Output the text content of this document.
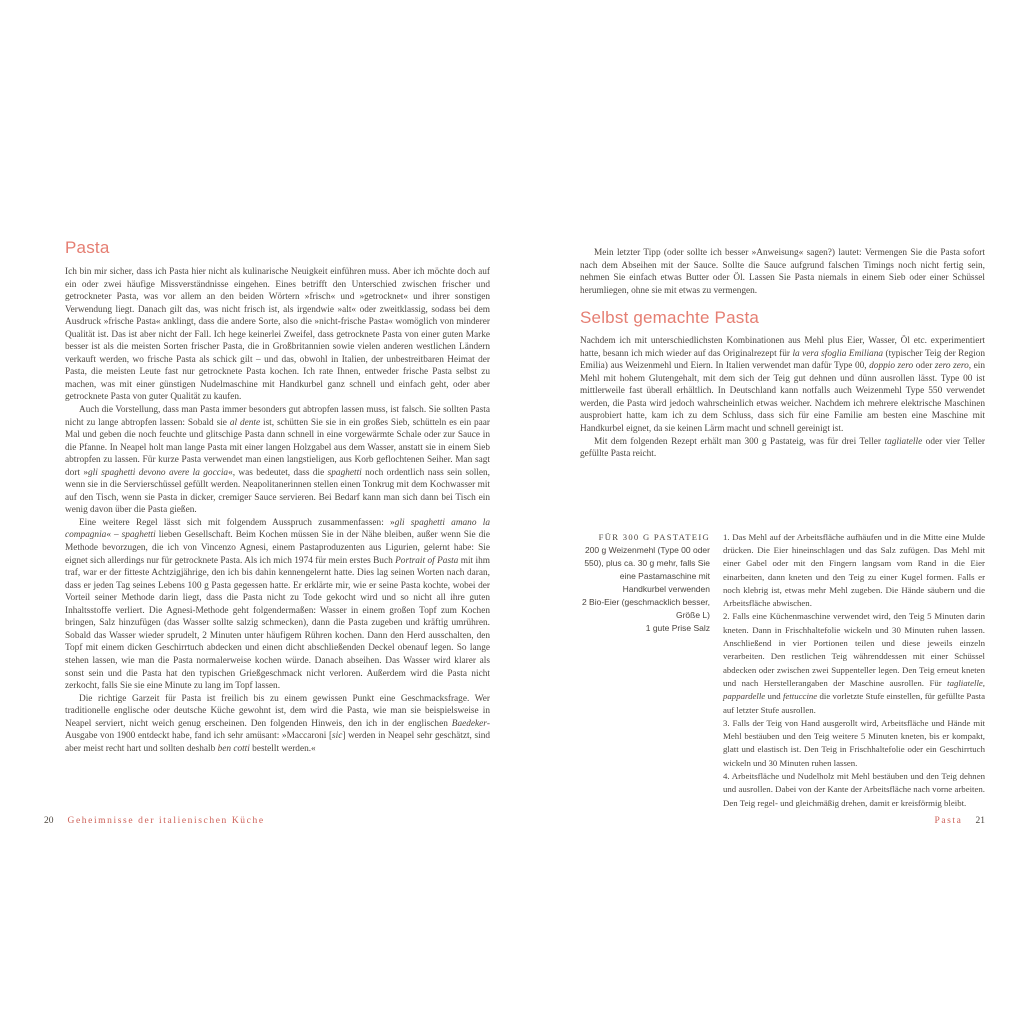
Pasta

Ich bin mir sicher, dass ich Pasta hier nicht als kulinarische Neuigkeit einführen muss. Aber ich möchte doch auf ein oder zwei häufige Missverständnisse eingehen. Eines betrifft den Unterschied zwischen frischer und getrockneter Pasta, was vor allem an den beiden Wörtern »frisch« und »getrocknet« und ihrer sonstigen Verwendung liegt. Danach gilt das, was nicht frisch ist, als irgendwie »alt« oder zweitklassig, sodass bei dem Ausdruck »frische Pasta« anklingt, dass die andere Sorte, also die »nicht-frische Pasta« womöglich von minderer Qualität ist. Das ist aber nicht der Fall. Ich hege keinerlei Zweifel, dass getrocknete Pasta von einer guten Marke besser ist als die meisten Sorten frischer Pasta, die in Großbritannien sowie vielen anderen westlichen Ländern verkauft werden, wo frische Pasta als schick gilt – und das, obwohl in Italien, der unbestreitbaren Heimat der Pasta, die meisten Leute fast nur getrocknete Pasta kochen. Ich rate Ihnen, entweder frische Pasta selbst zu machen, was mit einer günstigen Nudelmaschine mit Handkurbel ganz schnell und einfach geht, oder aber getrocknete Pasta von guter Qualität zu kaufen.

Auch die Vorstellung, dass man Pasta immer besonders gut abtropfen lassen muss, ist falsch. Sie sollten Pasta nicht zu lange abtropfen lassen: Sobald sie al dente ist, schütten Sie sie in ein großes Sieb, schütteln es ein paar Mal und geben die noch feuchte und glitschige Pasta dann schnell in eine vorgewärmte Schale oder zur Sauce in die Pfanne. In Neapel holt man lange Pasta mit einer langen Holzgabel aus dem Wasser, anstatt sie in einem Sieb abtropfen zu lassen. Für kurze Pasta verwendet man einen langstieligen, aus Korb geflochtenen Seiher. Man sagt dort »gli spaghetti devono avere la goccia«, was bedeutet, dass die spaghetti noch ordentlich nass sein sollen, wenn sie in die Servierschüssel gefüllt werden. Neapolitanerinnen stellen einen Tonkrug mit dem Kochwasser mit auf den Tisch, wenn sie Pasta in dicker, cremiger Sauce servieren. Bei Bedarf kann man sich dann bei Tisch ein wenig davon über die Pasta gießen.

Eine weitere Regel lässt sich mit folgendem Ausspruch zusammenfassen: »gli spaghetti amano la compagnia« – spaghetti lieben Gesellschaft. Beim Kochen müssen Sie in der Nähe bleiben, außer wenn Sie die Methode bevorzugen, die ich von Vincenzo Agnesi, einem Pastaproduzenten aus Ligurien, gelernt habe: Sie eignet sich allerdings nur für getrocknete Pasta. Als ich mich 1974 für mein erstes Buch Portrait of Pasta mit ihm traf, war er der fitteste Achtzigjährige, den ich bis dahin kennengelernt hatte. Dies lag seinen Worten nach daran, dass er jeden Tag seines Lebens 100 g Pasta gegessen hatte. Er erklärte mir, wie er seine Pasta kochte, wobei der Vorteil seiner Methode darin liegt, dass die Pasta nicht zu Tode gekocht wird und so nicht all ihre guten Inhaltsstoffe verliert. Die Agnesi-Methode geht folgendermaßen: Wasser in einem großen Topf zum Kochen bringen, Salz hinzufügen (das Wasser sollte salzig schmecken), dann die Pasta zugeben und kräftig umrühren. Sobald das Wasser wieder sprudelt, 2 Minuten unter häufigem Rühren kochen. Dann den Herd ausschalten, den Topf mit einem dicken Geschirrtuch abdecken und einen dicht abschließenden Deckel obenauf legen. So lange stehen lassen, wie man die Pasta normalerweise kochen würde. Danach abseihen. Das Wasser wird klarer als sonst sein und die Pasta hat den typischen Grießgeschmack nicht verloren. Außerdem wird die Pasta nicht zerkocht, falls Sie sie eine Minute zu lang im Topf lassen.

Die richtige Garzeit für Pasta ist freilich bis zu einem gewissen Punkt eine Geschmacksfrage. Wer traditionelle englische oder deutsche Küche gewohnt ist, dem wird die Pasta, wie man sie beispielsweise in Neapel serviert, nicht weich genug erscheinen. Den folgenden Hinweis, den ich in der englischen Baedeker-Ausgabe von 1900 entdeckt habe, fand ich sehr amüsant: »Maccaroni [sic] werden in Neapel sehr geschätzt, sind aber meist recht hart und sollten deshalb ben cotti bestellt werden.«

Mein letzter Tipp (oder sollte ich besser »Anweisung« sagen?) lautet: Vermengen Sie die Pasta sofort nach dem Abseihen mit der Sauce. Sollte die Sauce aufgrund falschen Timings noch nicht fertig sein, nehmen Sie einfach etwas Butter oder Öl. Lassen Sie Pasta niemals in einem Sieb oder einer Schüssel herumliegen, ohne sie mit etwas zu vermengen.

Selbst gemachte Pasta

Nachdem ich mit unterschiedlichsten Kombinationen aus Mehl plus Eier, Wasser, Öl etc. experimentiert hatte, besann ich mich wieder auf das Originalrezept für la vera sfoglia Emiliana (typischer Teig der Region Emilia) aus Weizenmehl und Eiern. In Italien verwendet man dafür Type 00, doppio zero oder zero zero, ein Mehl mit hohem Glutengehalt, mit dem sich der Teig gut dehnen und dünn ausrollen lässt. Type 00 ist mittlerweile fast überall erhältlich. In Deutschland kann notfalls auch Weizenmehl Type 550 verwendet werden, die Pasta wird jedoch wahrscheinlich etwas weicher. Nachdem ich mehrere elektrische Maschinen ausprobiert hatte, kam ich zu dem Schluss, dass sich für eine Familie am besten eine Maschine mit Handkurbel eignet, da sie keinen Lärm macht und schnell gereinigt ist.

Mit dem folgenden Rezept erhält man 300 g Pastateig, was für drei Teller tagliatelle oder vier Teller gefüllte Pasta reicht.

FÜR 300 G PASTATEIG

200 g Weizenmehl (Type 00 oder 550), plus ca. 30 g mehr, falls Sie eine Pastamaschine mit Handkurbel verwenden

2 Bio-Eier (geschmacklich besser, Größe L)

1 gute Prise Salz

1. Das Mehl auf der Arbeitsfläche aufhäufen und in die Mitte eine Mulde drücken. Die Eier hineinschlagen und das Salz zufügen. Das Mehl mit einer Gabel oder mit den Fingern langsam vom Rand in die Eier einarbeiten, dann kneten und den Teig zu einer Kugel formen. Falls er noch klebrig ist, etwas mehr Mehl zugeben. Die Hände säubern und die Arbeitsfläche abwischen.

2. Falls eine Küchenmaschine verwendet wird, den Teig 5 Minuten darin kneten. Dann in Frischhaltefolie wickeln und 30 Minuten ruhen lassen. Anschließend in vier Portionen teilen und diese jeweils einzeln verarbeiten. Den restlichen Teig währenddessen mit einer Schüssel abdecken oder zwischen zwei Suppenteller legen. Den Teig erneut kneten und nach Herstellerangaben der Maschine ausrollen. Für tagliatelle, pappardelle und fettuccine die vorletzte Stufe einstellen, für gefüllte Pasta auf letzter Stufe ausrollen.

3. Falls der Teig von Hand ausgerollt wird, Arbeitsfläche und Hände mit Mehl bestäuben und den Teig weitere 5 Minuten kneten, bis er kompakt, glatt und elastisch ist. Den Teig in Frischhaltefolie oder ein Geschirrtuch wickeln und 30 Minuten ruhen lassen.

4. Arbeitsfläche und Nudelholz mit Mehl bestäuben und den Teig dehnen und ausrollen. Dabei von der Kante der Arbeitsfläche nach vorne arbeiten. Den Teig regel- und gleichmäßig drehen, damit er kreisförmig bleibt.

20 Geheimnisse der italienischen Küche	Pasta 21
